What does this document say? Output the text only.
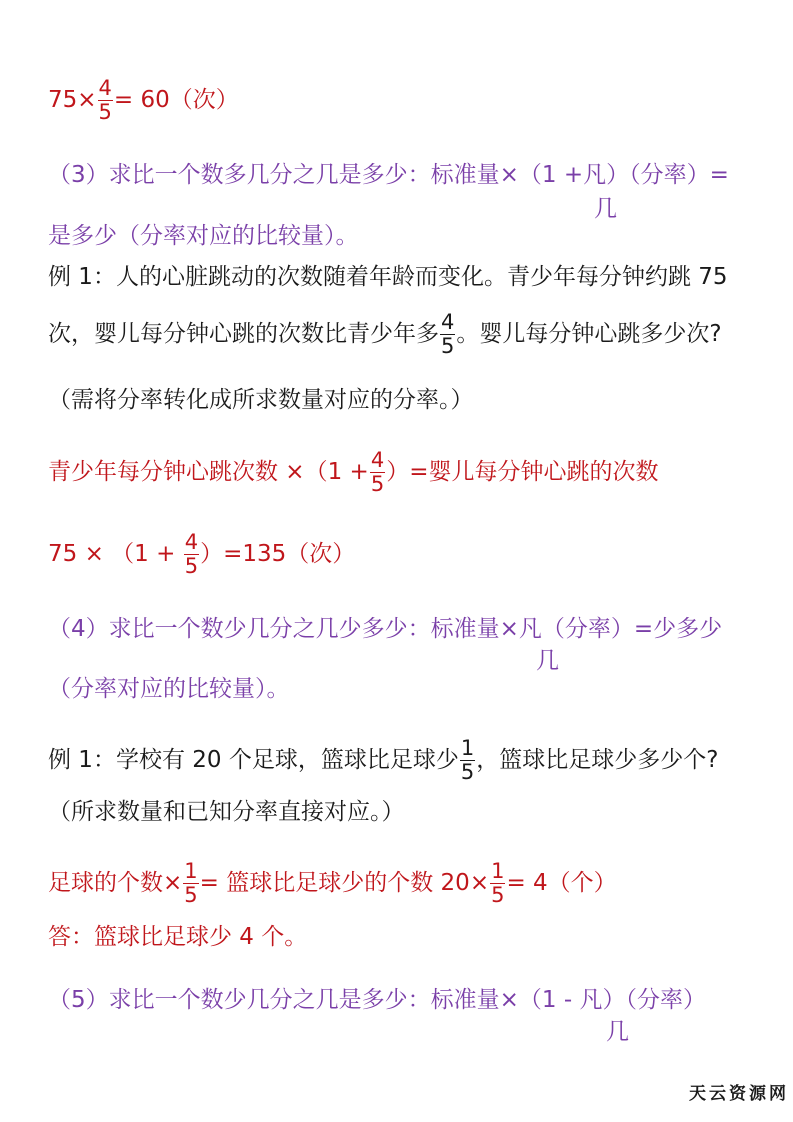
$75\times \frac{4}{5} = 60$（次）
（3）求比一个数多几分之几是多少：标准量×（1 +凡）（分率）=
几
是多少（分率对应的比较量）。
例 1：人的心脏跳动的次数随着年龄而变化。青少年每分钟约跳 75
次，婴儿每分钟心跳的次数比青少年多 $\frac{4}{5}$ 。婴儿每分钟心跳多少次?
（需将分率转化成所求数量对应的分率。）
青少年每分钟心跳次数 $\times(1 + \frac{4}{5}$ ）=婴儿每分钟心跳的次数
$75 \times (1 + \frac{4}{5} )=135$（次）
（4）求比一个数少几分之几少多少：标准量×凡（分率）=少多少
几
（分率对应的比较量）。
例 1：学校有 20 个足球，篮球比足球少 $\frac{1}{5}$ ，篮球比足球少多少个?
（所求数量和已知分率直接对应。）
足球的个数× $\frac{1}{5}$ = 篮球比足球少的个数 $20\times \frac{1}{5} = 4$（个）
答：篮球比足球少 4 个。
（5）求比一个数少几分之几是多少：标准量×（1 - 凡）（分率）
几
天云资源网
